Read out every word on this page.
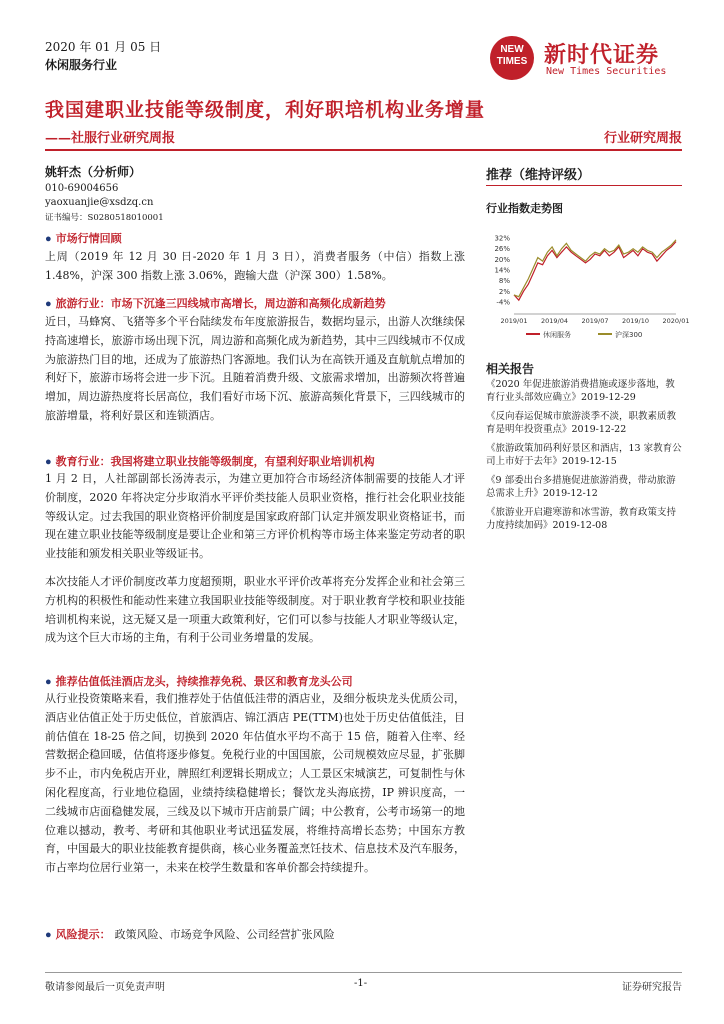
2020 年 01 月 05 日
休闲服务行业
NEW TIMES 新时代证券
New Times Securities
我国建职业技能等级制度，利好职培机构业务增量
——社服行业研究周报	行业研究周报
姚轩杰（分析师）
010-69004656
yaoxuanjie@xsdzq.cn
证书编号：S0280518010001
推荐（维持评级）
行业指数走势图
32%
26%
20%
14%
8%
2%
-4%
2019/01 2019/04 2019/07 2019/10 2020/01
休闲服务	沪深300
● 市场行情回顾

上周（2019 年 12 月 30 日-2020 年 1 月 3 日），消费者服务（中信）指数上涨 1.48%，沪深 300 指数上涨 3.06%，跑输大盘（沪深 300）1.58%。

● 旅游行业：市场下沉逢三四线城市高增长，周边游和高频化成新趋势

近日，马蜂窝、飞猪等多个平台陆续发布年度旅游报告，数据均显示，出游人次继续保持高速增长，旅游市场出现下沉，周边游和高频化成为新趋势，其中三四线城市不仅成为旅游热门目的地，还成为了旅游热门客源地。我们认为在高铁开通及直航航点增加的利好下，旅游市场将会进一步下沉。且随着消费升级、文旅需求增加，出游频次将普遍增加，周边游热度将长居高位，我们看好市场下沉、旅游高频化背景下，三四线城市的旅游增量，将利好景区和连锁酒店。

● 教育行业：我国将建立职业技能等级制度，有望利好职业培训机构

1 月 2 日，人社部副部长汤涛表示，为建立更加符合市场经济体制需要的技能人才评价制度，2020 年将决定分步取消水平评价类技能人员职业资格，推行社会化职业技能等级认定。过去我国的职业资格评价制度是国家政府部门认定并颁发职业资格证书，而现在建立职业技能等级制度是要让企业和第三方评价机构等市场主体来鉴定劳动者的职业技能和颁发相关职业等级证书。

本次技能人才评价制度改革力度超预期，职业水平评价改革将充分发挥企业和社会第三方机构的积极性和能动性来建立我国职业技能等级制度。对于职业教育学校和职业技能培训机构来说，这无疑又是一项重大政策利好，它们可以参与技能人才职业等级认定，成为这个巨大市场的主角，有利于公司业务增量的发展。

● 推荐估值低洼酒店龙头，持续推荐免税、景区和教育龙头公司

从行业投资策略来看，我们推荐处于估值低洼带的酒店业，及细分板块龙头优质公司，酒店业估值正处于历史低位，首旅酒店、锦江酒店 PE(TTM)也处于历史估值低洼，目前估值在 18-25 倍之间，切换到 2020 年估值水平均不高于 15 倍，随着入住率、经营数据企稳回暖，估值将逐步修复。免税行业的中国国旅，公司规模效应尽显，扩张脚步不止，市内免税店开业，牌照红利逻辑长期成立；人工景区宋城演艺，可复制性与休闲化程度高，行业地位稳固，业绩持续稳健增长；餐饮龙头海底捞，IP 辨识度高，一二线城市店面稳健发展，三线及以下城市开店前景广阔；中公教育，公考市场第一的地位难以撼动，教考、考研和其他职业考试迅猛发展，将维持高增长态势；中国东方教育，中国最大的职业技能教育提供商，核心业务覆盖烹饪技术、信息技术及汽车服务，市占率均位居行业第一，未来在校学生数量和客单价都会持续提升。

● 风险提示： 政策风险、市场竞争风险、公司经营扩张风险
相关报告
《2020 年促进旅游消费措施或逐步落地，教育行业头部效应确立》2019-12-29
《反向春运促城市旅游淡季不淡，职教素质教育是明年投资重点》2019-12-22
《旅游政策加码利好景区和酒店，13 家教育公司上市好于去年》2019-12-15
《9 部委出台多措施促进旅游消费，带动旅游总需求上升》2019-12-12
《旅游业开启避寒游和冰雪游，教育政策支持力度持续加码》2019-12-08
敬请参阅最后一页免责声明	-1-	证券研究报告
